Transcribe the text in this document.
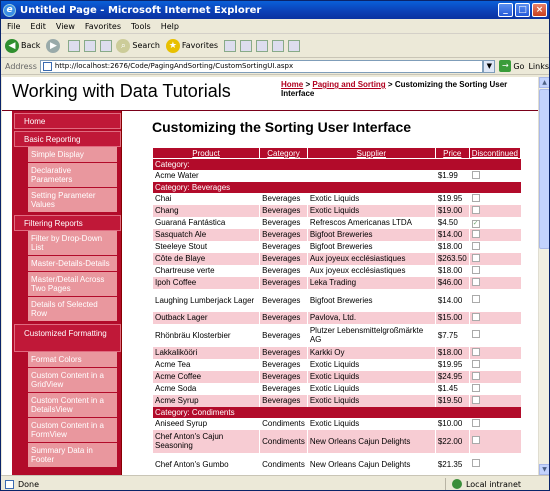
e Untitled Page - Microsoft Internet Explorer	_	□ ×
File Edit View Favorites Tools Help
◀ Back	▶	⌕ Search ★ Favorites
Address	http://localhost:2676/Code/PagingAndSorting/CustomSortingUI.aspx	▼	→ Go Links
Working with Data Tutorials	Home > Paging and Sorting > Customizing the Sorting User Interface
Home
Basic Reporting
Simple Display
Declarative Parameters
Setting Parameter Values
Filtering Reports
Filter by Drop-Down List
Master-Details-Details
Master/Detail Across Two Pages
Details of Selected Row
Customized Formatting
Format Colors
Custom Content in a GridView
Custom Content in a DetailsView
Custom Content in a FormView
Summary Data in Footer
Customizing the Sorting User Interface
Product	Category	Supplier	Price	Discontinued
Category:				
Acme Water			$1.99	
Category: Beverages				
Chai	Beverages	Exotic Liquids	$19.95	
Chang	Beverages	Exotic Liquids	$19.00	
Guaraná Fantástica	Beverages	Refrescos Americanas LTDA	$4.50	✓
Sasquatch Ale	Beverages	Bigfoot Breweries	$14.00	
Steeleye Stout	Beverages	Bigfoot Breweries	$18.00	
Côte de Blaye	Beverages	Aux joyeux ecclésiastiques	$263.50	
Chartreuse verte	Beverages	Aux joyeux ecclésiastiques	$18.00	
Ipoh Coffee	Beverages	Leka Trading	$46.00	
Laughing Lumberjack Lager	Beverages	Bigfoot Breweries	$14.00	
Outback Lager	Beverages	Pavlova, Ltd.	$15.00	
Rhönbräu Klosterbier	Beverages	Plutzer Lebensmittelgroßmärkte AG	$7.75	
Lakkalikööri	Beverages	Karkki Oy	$18.00	
Acme Tea	Beverages	Exotic Liquids	$19.95	
Acme Coffee	Beverages	Exotic Liquids	$24.95	
Acme Soda	Beverages	Exotic Liquids	$1.45	
Acme Syrup	Beverages	Exotic Liquids	$19.50	
Category: Condiments				
Aniseed Syrup	Condiments	Exotic Liquids	$10.00	
Chef Anton's Cajun Seasoning	Condiments	New Orleans Cajun Delights	$22.00	
Chef Anton's Gumbo	Condiments	New Orleans Cajun Delights	$21.35	
▲
▼
Done	Local intranet
